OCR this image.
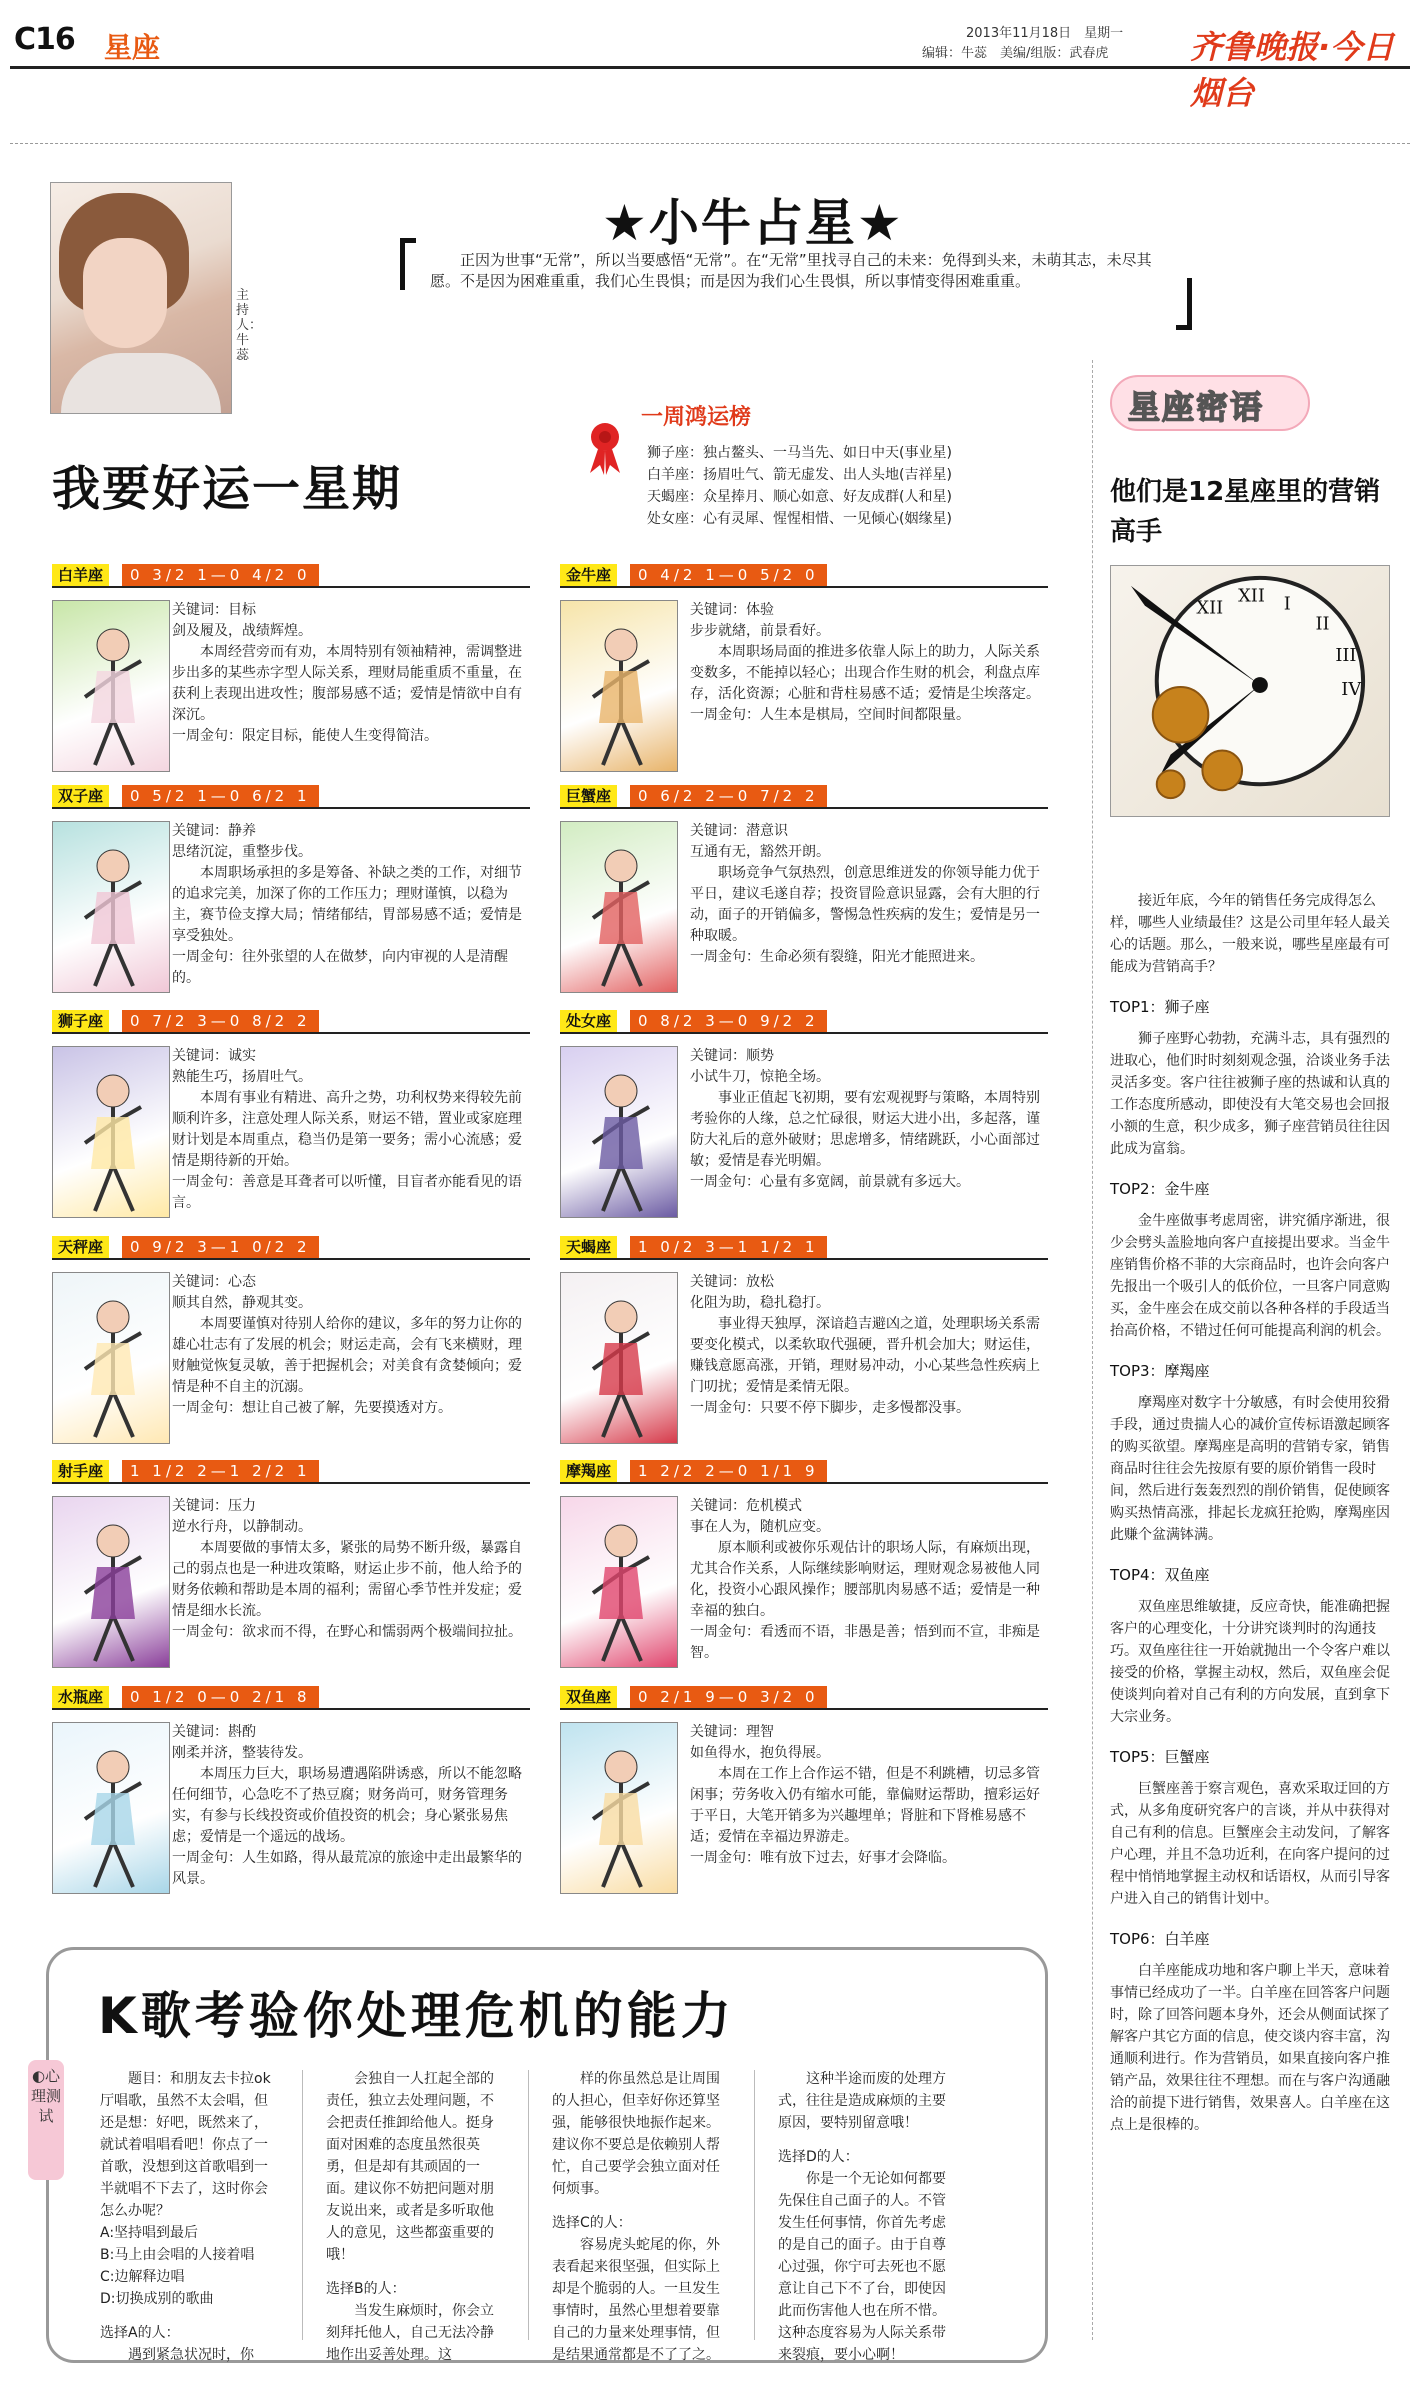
C16 星座	2013年11月18日　星期一
编辑：牛蕊　美编/组版：武春虎	齐鲁晚报·今日烟台
主持人：牛蕊
★小牛占星★
正因为世事“无常”，所以当要感悟“无常”。在“无常”里找寻自己的未来：免得到头来，未萌其志，未尽其愿。不是因为困难重重，我们心生畏惧；而是因为我们心生畏惧，所以事情变得困难重重。
我要好运一星期
一周鸿运榜
狮子座：独占鳌头、一马当先、如日中天(事业星)
白羊座：扬眉吐气、箭无虚发、出人头地(吉祥星)
天蝎座：众星捧月、顺心如意、好友成群(人和星)
处女座：心有灵犀、惺惺相惜、一见倾心(姻缘星)
白羊座	0 3/2 1—0 4/2 0
关键词：目标
剑及履及，战绩辉煌。

本周经营旁而有劝，本周特别有领袖精神，需调整进步出多的某些赤字型人际关系，理财局能重质不重量，在获利上表现出进攻性；腹部易感不适；爱情是情欲中自有深沉。

一周金句：限定目标，能使人生变得简洁。
金牛座	0 4/2 1—0 5/2 0
关键词：体验
步步就緖，前景看好。

本周职场局面的推进多依靠人际上的助力，人际关系变数多，不能掉以轻心；出现合作生财的机会，利盘点库存，活化资源；心脏和背柱易感不适；爱情是尘埃落定。

一周金句：人生本是棋局，空间时间都限量。
双子座	0 5/2 1—0 6/2 1
关键词：静养
思绪沉淀，重整步伐。

本周职场承担的多是筹备、补缺之类的工作，对细节的追求完美，加深了你的工作压力；理财谨慎，以稳为主，赛节俭支撑大局；情绪郁结，胃部易感不适；爱情是享受独处。

一周金句：往外张望的人在做梦，向内审视的人是清醒的。
巨蟹座	0 6/2 2—0 7/2 2
关键词：潜意识
互通有无，豁然开朗。

职场竞争气氛热烈，创意思维迸发的你领导能力优于平日，建议毛遂自荐；投资冒险意识显露，会有大胆的行动，面子的开销偏多，警惕急性疾病的发生；爱情是另一种取暖。

一周金句：生命必须有裂缝，阳光才能照进来。
狮子座	0 7/2 3—0 8/2 2
关键词：诚实
熟能生巧，扬眉吐气。

本周有事业有精进、高升之势，功利权势来得较先前顺利许多，注意处理人际关系，财运不错，置业或家庭理财计划是本周重点，稳当仍是第一要务；需小心流感；爱情是期待新的开始。

一周金句：善意是耳聋者可以听懂，目盲者亦能看见的语言。
处女座	0 8/2 3—0 9/2 2
关键词：顺势
小试牛刀，惊艳全场。

事业正值起飞初期，要有宏观视野与策略，本周特别考验你的人缘，总之忙碌很，财运大进小出，多起落，谨防大礼后的意外破财；思虑增多，情绪跳跃，小心面部过敏；爱情是春光明媚。

一周金句：心量有多宽阔，前景就有多远大。
天秤座	0 9/2 3—1 0/2 2
关键词：心态
顺其自然，静观其变。

本周要谨慎对待别人给你的建议，多年的努力让你的雄心壮志有了发展的机会；财运走高，会有飞来横财，理财触觉恢复灵敏，善于把握机会；对美食有贪婪倾向；爱情是种不自主的沉溺。

一周金句：想让自己被了解，先要摸透对方。
天蝎座	1 0/2 3—1 1/2 1
关键词：放松
化阻为助，稳扎稳打。

事业得天独厚，深谙趋吉避凶之道，处理职场关系需要变化模式，以柔软取代强硬，晋升机会加大；财运佳，赚钱意愿高涨，开销，理财易冲动，小心某些急性疾病上门叨扰；爱情是柔情无限。

一周金句：只要不停下脚步，走多慢都没事。
射手座	1 1/2 2—1 2/2 1
关键词：压力
逆水行舟，以静制动。

本周要做的事情太多，紧张的局势不断升级，暴露自己的弱点也是一种进攻策略，财运止步不前，他人给予的财务依赖和帮助是本周的福利；需留心季节性并发症；爱情是细水长流。

一周金句：欲求而不得，在野心和懦弱两个极端间拉扯。
摩羯座	1 2/2 2—0 1/1 9
关键词：危机模式
事在人为，随机应变。

原本顺利或被你乐观估计的职场人际，有麻烦出现，尤其合作关系，人际继续影响财运，理财观念易被他人同化，投资小心跟风操作；腰部肌肉易感不适；爱情是一种幸福的独白。

一周金句：看透而不语，非愚是善；悟到而不宣，非痴是智。
水瓶座	0 1/2 0—0 2/1 8
关键词：斟酌
刚柔并济，整装待发。

本周压力巨大，职场易遭遇陷阱诱惑，所以不能忽略任何细节，心急吃不了热豆腐；财务尚可，财务管理务实，有参与长线投资或价值投资的机会；身心紧张易焦虑；爱情是一个遥远的战场。

一周金句：人生如路，得从最荒凉的旅途中走出最繁华的风景。
双鱼座	0 2/1 9—0 3/2 0
关键词：理智
如鱼得水，抱负得展。

本周在工作上合作运不错，但是不利跳槽，切忌多管闲事；劳务收入仍有缩水可能，靠偏财运帮助，擅彩运好于平日，大笔开销多为兴趣埋单；肾脏和下肾椎易感不适；爱情在幸福边界游走。

一周金句：唯有放下过去，好事才会降临。
星座密语
他们是12星座里的营销高手
XII
XII I
II
III
IV

接近年底，今年的销售任务完成得怎么样，哪些人业绩最佳？这是公司里年轻人最关心的话题。那么，一般来说，哪些星座最有可能成为营销高手？

TOP1：狮子座

狮子座野心勃勃，充满斗志，具有强烈的进取心，他们时时刻刻观念强，洽谈业务手法灵活多变。客户往往被狮子座的热诚和认真的工作态度所感动，即使没有大笔交易也会回报小额的生意，积少成多，狮子座营销员往往因此成为富翁。

TOP2：金牛座

金牛座做事考虑周密，讲究循序渐进，很少会劈头盖脸地向客户直接提出要求。当金牛座销售价格不菲的大宗商品时，也许会向客户先报出一个吸引人的低价位，一旦客户同意购买，金牛座会在成交前以各种各样的手段适当抬高价格，不错过任何可能提高利润的机会。

TOP3：摩羯座

摩羯座对数字十分敏感，有时会使用狡猾手段，通过贵揣人心的减价宣传标语激起顾客的购买欲望。摩羯座是高明的营销专家，销售商品时往往会先按原有要的原价销售一段时间，然后进行轰轰烈烈的削价销售，促使顾客购买热情高涨，排起长龙疯狂抢购，摩羯座因此赚个盆满钵满。

TOP4：双鱼座

双鱼座思维敏捷，反应奇快，能准确把握客户的心理变化，十分讲究谈判时的沟通技巧。双鱼座往往一开始就抛出一个令客户难以接受的价格，掌握主动权，然后，双鱼座会促使谈判向着对自己有利的方向发展，直到拿下大宗业务。

TOP5：巨蟹座

巨蟹座善于察言观色，喜欢采取迂回的方式，从多角度研究客户的言谈，并从中获得对自己有利的信息。巨蟹座会主动发问，了解客户心理，并且不急功近利，在向客户提问的过程中悄悄地掌握主动权和话语权，从而引导客户进入自己的销售计划中。

TOP6：白羊座

白羊座能成功地和客户聊上半天，意味着事情已经成功了一半。白羊座在回答客户问题时，除了回答问题本身外，还会从侧面试探了解客户其它方面的信息，使交谈内容丰富，沟通顺利进行。作为营销员，如果直接向客户推销产品，效果往往不理想。而在与客户沟通融洽的前提下进行销售，效果喜人。白羊座在这点上是很棒的。

K歌考验你处理危机的能力
◐心理测试

题目：和朋友去卡拉ok厅唱歌，虽然不太会唱，但还是想：好吧，既然来了，就试着唱唱看吧！你点了一首歌，没想到这首歌唱到一半就唱不下去了，这时你会怎么办呢？

A:坚持唱到最后
B:马上由会唱的人接着唱
C:边解释边唱
D:切换成别的歌曲
选择A的人：

遇到紧急状况时，你

会独自一人扛起全部的责任，独立去处理问题，不会把责任推卸给他人。挺身面对困难的态度虽然很英勇，但是却有其顽固的一面。建议你不妨把问题对朋友说出来，或者是多听取他人的意见，这些都蛮重要的哦！

选择B的人：

当发生麻烦时，你会立刻拜托他人，自己无法冷静地作出妥善处理。这

样的你虽然总是让周围的人担心，但幸好你还算坚强，能够很快地振作起来。建议你不要总是依赖别人帮忙，自己要学会独立面对任何烦事。

选择C的人：

容易虎头蛇尾的你，外表看起来很坚强，但实际上却是个脆弱的人。一旦发生事情时，虽然心里想着要靠自己的力量来处理事情，但是结果通常都是不了了之。

这种半途而废的处理方式，往往是造成麻烦的主要原因，要特别留意哦！

选择D的人：

你是一个无论如何都要先保住自己面子的人。不管发生任何事情，你首先考虑的是自己的面子。由于自尊心过强，你宁可去死也不愿意让自己下不了台，即使因此而伤害他人也在所不惜。这种态度容易为人际关系带来裂痕，要小心啊！
